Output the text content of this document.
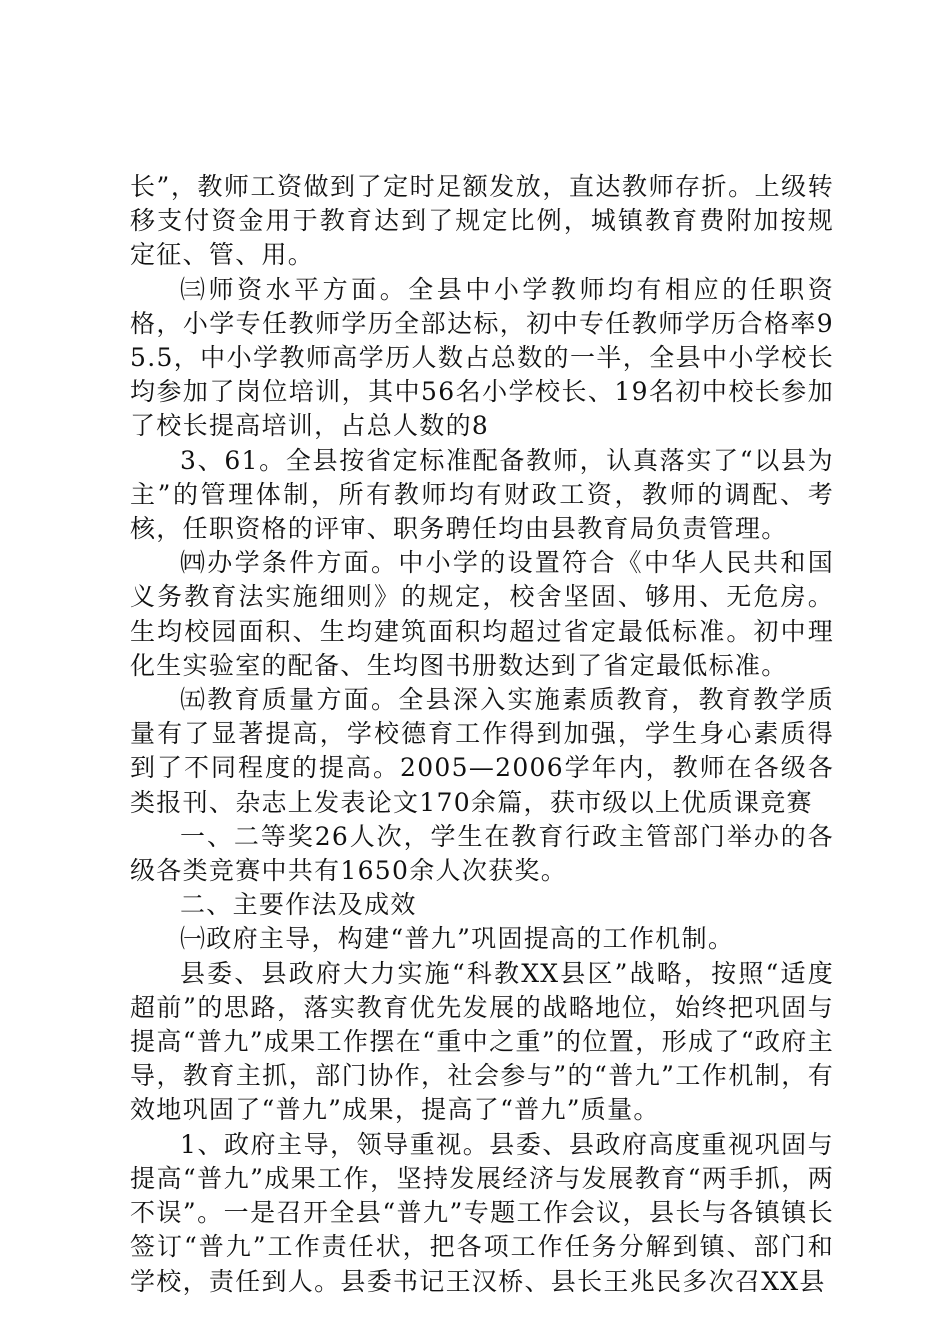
长”，教师工资做到了定时足额发放，直达教师存折。上级转移支付资金用于教育达到了规定比例，城镇教育费附加按规定征、管、用。

㈢师资水平方面。全县中小学教师均有相应的任职资格，小学专任教师学历全部达标，初中专任教师学历合格率95.5，中小学教师高学历人数占总数的一半，全县中小学校长均参加了岗位培训，其中56名小学校长、19名初中校长参加了校长提高培训，占总人数的8

3、61。全县按省定标准配备教师，认真落实了“以县为主”的管理体制，所有教师均有财政工资，教师的调配、考核，任职资格的评审、职务聘任均由县教育局负责管理。

㈣办学条件方面。中小学的设置符合《中华人民共和国义务教育法实施细则》的规定，校舍坚固、够用、无危房。生均校园面积、生均建筑面积均超过省定最低标准。初中理化生实验室的配备、生均图书册数达到了省定最低标准。

㈤教育质量方面。全县深入实施素质教育，教育教学质量有了显著提高，学校德育工作得到加强，学生身心素质得到了不同程度的提高。2005—2006学年内，教师在各级各类报刊、杂志上发表论文170余篇，获市级以上优质课竞赛

一、二等奖26人次，学生在教育行政主管部门举办的各级各类竞赛中共有1650余人次获奖。

二、主要作法及成效

㈠政府主导，构建“普九”巩固提高的工作机制。

县委、县政府大力实施“科教XX县区”战略，按照“适度超前”的思路，落实教育优先发展的战略地位，始终把巩固与提高“普九”成果工作摆在“重中之重”的位置，形成了“政府主导，教育主抓，部门协作，社会参与”的“普九”工作机制，有效地巩固了“普九”成果，提高了“普九”质量。

1、政府主导，领导重视。县委、县政府高度重视巩固与提高“普九”成果工作，坚持发展经济与发展教育“两手抓，两不误”。一是召开全县“普九”专题工作会议，县长与各镇镇长签订“普九”工作责任状，把各项工作任务分解到镇、部门和学校，责任到人。县委书记王汉桥、县长王兆民多次召XX县
